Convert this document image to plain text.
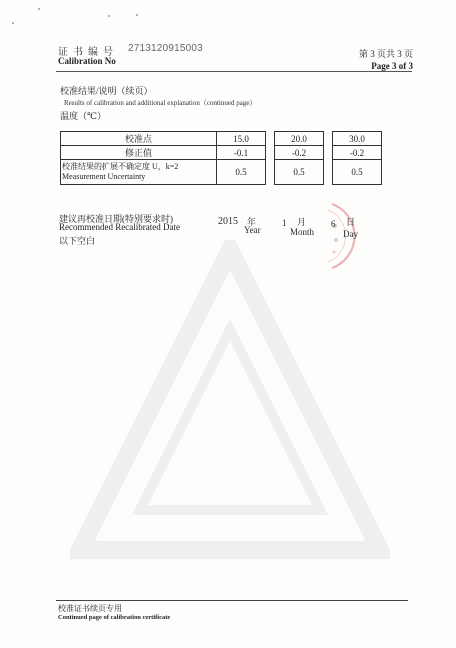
证书编号 2713120915003
Calibration No
第 3 页共 3 页
Page 3 of 3
校准结果/说明（续页）
Results of calibration and additional explanation（continued page）
温度（℃）
校准点	15.0		20.0		30.0
修正值	-0.1		-0.2		-0.2

校准结果的扩展不确定度 U，k=2
Measurement Uncertainty	0.5		0.5		0.5
建议再校准日期(特别要求时)
Recommended Recalibrated Date
以下空白
2015 年
Year
1 月
Month
6 日
Day
校准证书续页专用
Continued page of calibration certificate
